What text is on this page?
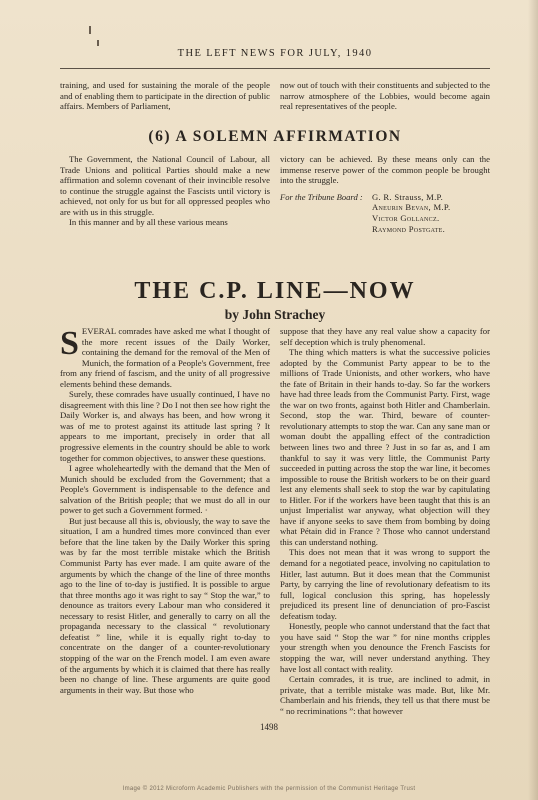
THE LEFT NEWS FOR JULY, 1940

training, and used for sustaining the morale of the people and of enabling them to participate in the direction of public affairs. Members of Parliament,

now out of touch with their constituents and subjected to the narrow atmosphere of the Lobbies, would become again real representatives of the people.

(6) A SOLEMN AFFIRMATION

The Government, the National Council of Labour, all Trade Unions and political Parties should make a new affirmation and solemn covenant of their invincible resolve to continue the struggle against the Fascists until victory is achieved, not only for us but for all oppressed peoples who are with us in this struggle.

In this manner and by all these various means

victory can be achieved. By these means only can the immense reserve power of the common people be brought into the struggle.

For the Tribune Board :	G. R. Strauss, M.P.
Aneurin Bevan, M.P.
Victor Gollancz.
Raymond Postgate.
THE C.P. LINE—NOW
by John Strachey

SEVERAL comrades have asked me what I thought of the more recent issues of the Daily Worker, containing the demand for the removal of the Men of Munich, the formation of a People's Government, free from any friend of fascism, and the unity of all progressive elements behind these demands.

Surely, these comrades have usually continued, I have no disagreement with this line ? Do I not then see how right the Daily Worker is, and always has been, and how wrong it was of me to protest against its attitude last spring ? It appears to me important, precisely in order that all progressive elements in the country should be able to work together for common objectives, to answer these questions.

I agree wholeheartedly with the demand that the Men of Munich should be excluded from the Government; that a People's Government is indispensable to the defence and salvation of the British people; that we must do all in our power to get such a Government formed. ·

But just because all this is, obviously, the way to save the situation, I am a hundred times more convinced than ever before that the line taken by the Daily Worker this spring was by far the most terrible mistake which the British Communist Party has ever made. I am quite aware of the arguments by which the change of the line of three months ago to the line of to-day is justified. It is possible to argue that three months ago it was right to say “ Stop the war,” to denounce as traitors every Labour man who considered it necessary to resist Hitler, and generally to carry on all the propaganda necessary to the classical “ revolutionary defeatist ” line, while it is equally right to-day to concentrate on the danger of a counter-revolutionary stopping of the war on the French model. I am even aware of the arguments by which it is claimed that there has really been no change of line. These arguments are quite good arguments in their way. But those who

suppose that they have any real value show a capacity for self deception which is truly phenomenal.

The thing which matters is what the successive policies adopted by the Communist Party appear to be to the millions of Trade Unionists, and other workers, who have the fate of Britain in their hands to-day. So far the workers have had three leads from the Communist Party. First, wage the war on two fronts, against both Hitler and Chamberlain. Second, stop the war. Third, beware of counter-revolutionary attempts to stop the war. Can any sane man or woman doubt the appalling effect of the contradiction between lines two and three ? Just in so far as, and I am thankful to say it was very little, the Communist Party succeeded in putting across the stop the war line, it becomes impossible to rouse the British workers to be on their guard lest any elements shall seek to stop the war by capitulating to Hitler. For if the workers have been taught that this is an unjust Imperialist war anyway, what objection will they have if anyone seeks to save them from bombing by doing what Pétain did in France ? Those who cannot understand this can understand nothing.

This does not mean that it was wrong to support the demand for a negotiated peace, involving no capitulation to Hitler, last autumn. But it does mean that the Communist Party, by carrying the line of revolutionary defeatism to its full, logical conclusion this spring, has hopelessly prejudiced its present line of denunciation of pro-Fascist defeatism today.

Honestly, people who cannot understand that the fact that you have said “ Stop the war ” for nine months cripples your strength when you denounce the French Fascists for stopping the war, will never understand anything. They have lost all contact with reality.

Certain comrades, it is true, are inclined to admit, in private, that a terrible mistake was made. But, like Mr. Chamberlain and his friends, they tell us that there must be “ no recriminations ”: that however

1498
Image © 2012 Microform Academic Publishers with the permission of the Communist Heritage Trust
